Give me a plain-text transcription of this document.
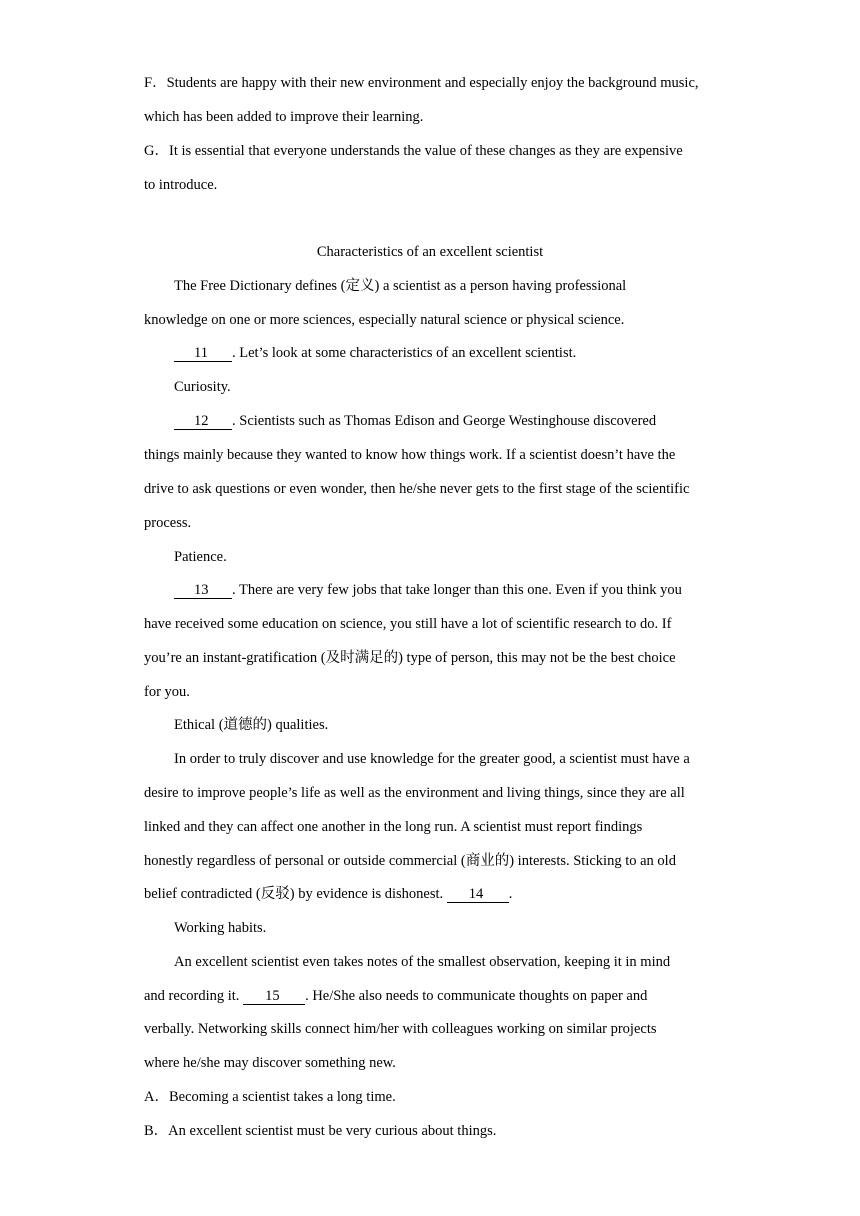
F．Students are happy with their new environment and especially enjoy the background music,
which has been added to improve their learning.
G．It is essential that everyone understands the value of these changes as they are expensive
to introduce.
Characteristics of an excellent scientist
The Free Dictionary defines (定义) a scientist as a person having professional
knowledge on one or more sciences, especially natural science or physical science.
11 . Let’s look at some characteristics of an excellent scientist.
Curiosity.
12 . Scientists such as Thomas Edison and George Westinghouse discovered
things mainly because they wanted to know how things work. If a scientist doesn’t have the
drive to ask questions or even wonder, then he/she never gets to the first stage of the scientific
process.
Patience.
13 . There are very few jobs that take longer than this one. Even if you think you
have received some education on science, you still have a lot of scientific research to do. If
you’re an instant-gratification (及时满足的) type of person, this may not be the best choice
for you.
Ethical (道德的) qualities.
In order to truly discover and use knowledge for the greater good, a scientist must have a
desire to improve people’s life as well as the environment and living things, since they are all
linked and they can affect one another in the long run. A scientist must report findings
honestly regardless of personal or outside commercial (商业的) interests. Sticking to an old
belief contradicted (反驳) by evidence is dishonest. 14 .
Working habits.
An excellent scientist even takes notes of the smallest observation, keeping it in mind
and recording it. 15 . He/She also needs to communicate thoughts on paper and
verbally. Networking skills connect him/her with colleagues working on similar projects
where he/she may discover something new.
A．Becoming a scientist takes a long time.
B．An excellent scientist must be very curious about things.
